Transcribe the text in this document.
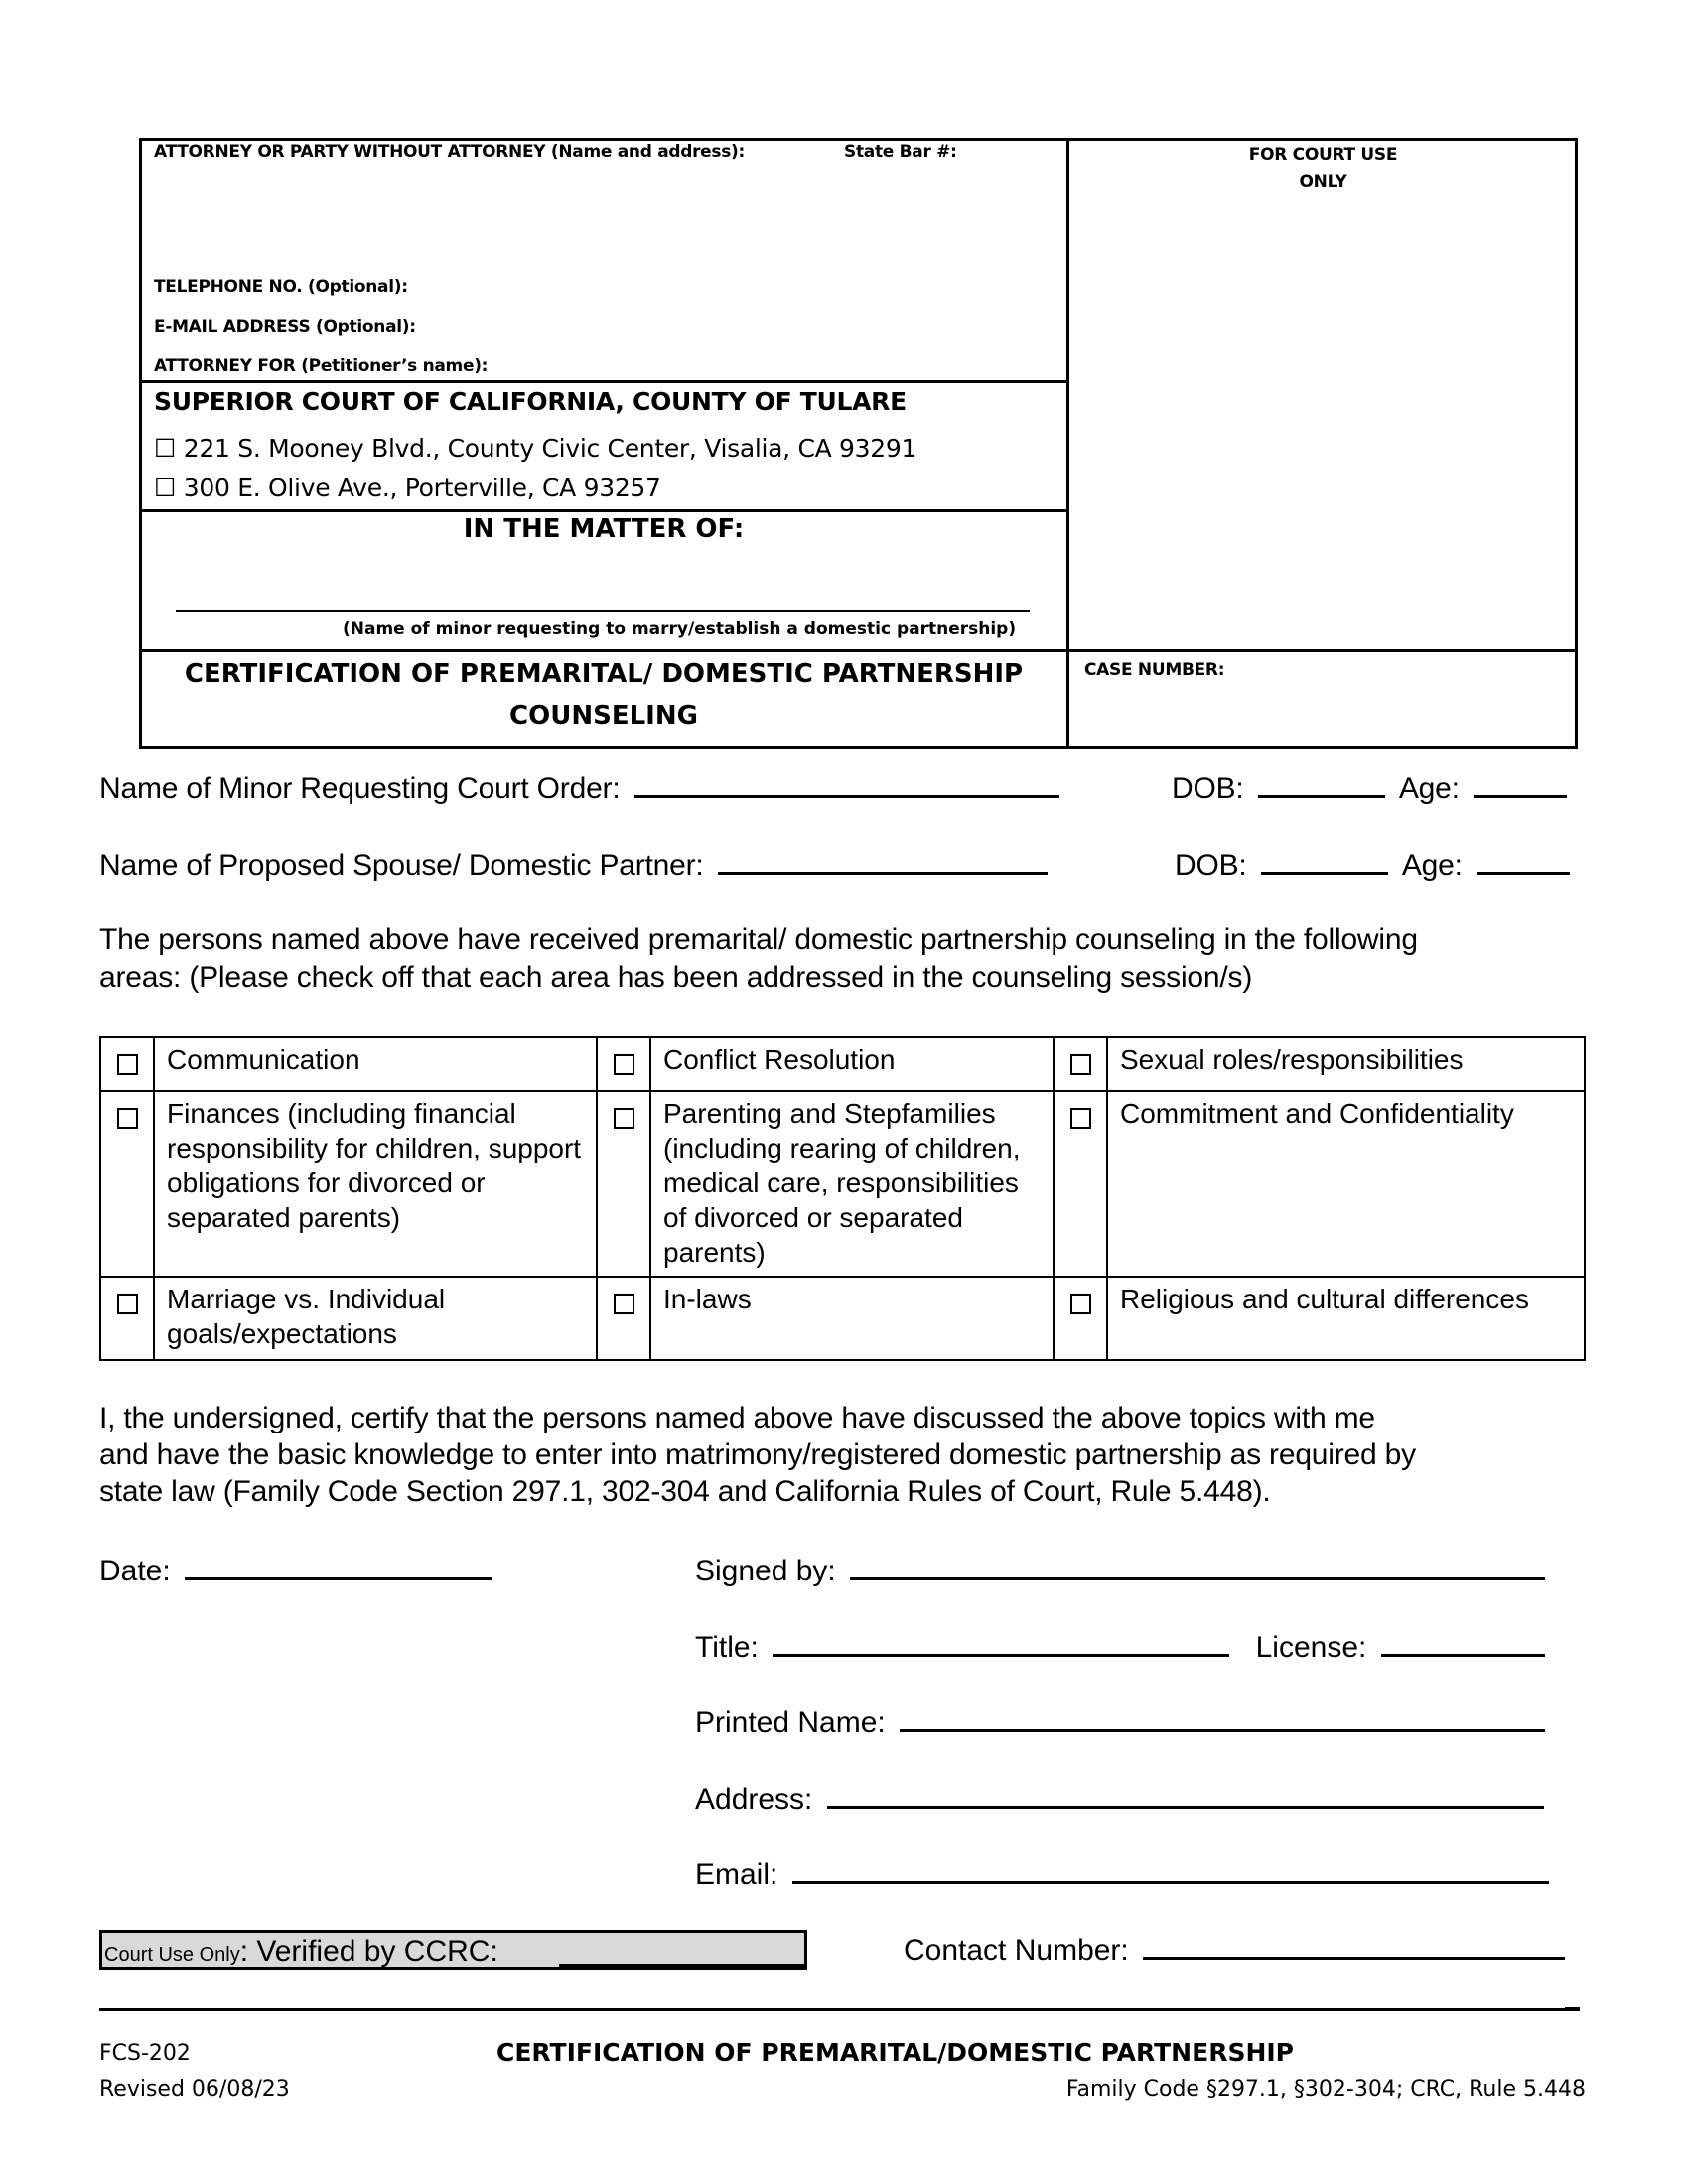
ATTORNEY OR PARTY WITHOUT ATTORNEY (Name and address):	State Bar #:
TELEPHONE NO. (Optional):
E-MAIL ADDRESS (Optional):
ATTORNEY FOR (Petitioner’s name):
FOR COURT USE
ONLY
SUPERIOR COURT OF CALIFORNIA, COUNTY OF TULARE
☐ 221 S. Mooney Blvd., County Civic Center, Visalia, CA 93291
☐ 300 E. Olive Ave., Porterville, CA 93257
IN THE MATTER OF:
(Name of minor requesting to marry/establish a domestic partnership)
CERTIFICATION OF PREMARITAL/ DOMESTIC PARTNERSHIP
COUNSELING
CASE NUMBER:
Name of Minor Requesting Court Order:	DOB:	Age:
Name of Proposed Spouse/ Domestic Partner:	DOB:	Age:
The persons named above have received premarital/ domestic partnership counseling in the following
areas: (Please check off that each area has been addressed in the counseling session/s)
	Communication		Conflict Resolution		Sexual roles/responsibilities
	Finances (including financial responsibility for children, support obligations for divorced or separated parents)		Parenting and Stepfamilies (including rearing of children, medical care, responsibilities of divorced or separated parents)		Commitment and Confidentiality
	Marriage vs. Individual goals/expectations		In-laws		Religious and cultural differences
I, the undersigned, certify that the persons named above have discussed the above topics with me
and have the basic knowledge to enter into matrimony/registered domestic partnership as required by
state law (Family Code Section 297.1, 302-304 and California Rules of Court, Rule 5.448).
Date:	Signed by:
Title:	License:
Printed Name:
Address:
Email:
Court Use Only: Verified by CCRC:	Contact Number:
FCS-202
Revised 06/08/23
CERTIFICATION OF PREMARITAL/DOMESTIC PARTNERSHIP
Family Code §297.1, §302-304; CRC, Rule 5.448
